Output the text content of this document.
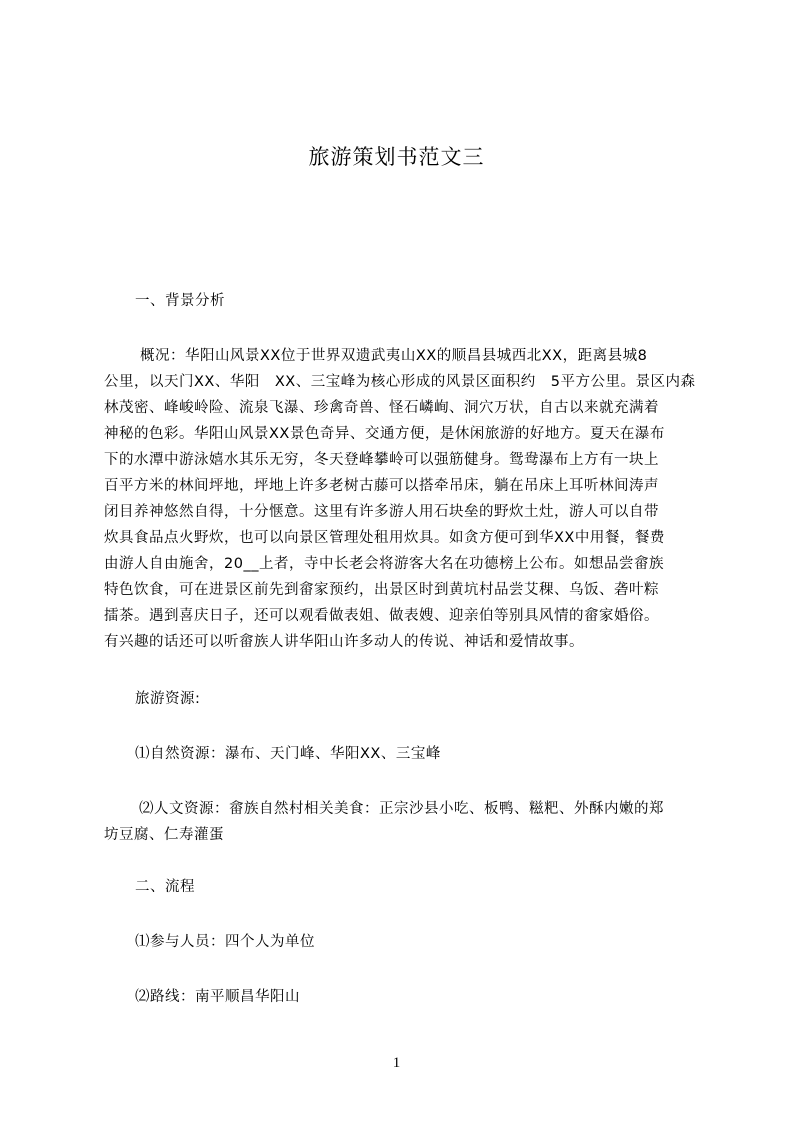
旅游策划书范文三

一、背景分析

概况：华阳山风景XX位于世界双遗武夷山XX的顺昌县城西北XX，距离县城8

公里，以天门XX、华阳　XX、三宝峰为核心形成的风景区面积约　5平方公里。景区内森

林茂密、峰峻岭险、流泉飞瀑、珍禽奇兽、怪石嶙峋、洞穴万状，自古以来就充满着

神秘的色彩。华阳山风景XX景色奇异、交通方便，是休闲旅游的好地方。夏天在瀑布

下的水潭中游泳嬉水其乐无穷，冬天登峰攀岭可以强筋健身。鸳鸯瀑布上方有一块上

百平方米的林间坪地，坪地上许多老树古藤可以搭牵吊床，躺在吊床上耳听林间涛声

闭目养神悠然自得，十分惬意。这里有许多游人用石块垒的野炊土灶，游人可以自带

炊具食品点火野炊，也可以向景区管理处租用炊具。如贪方便可到华XX中用餐，餐费

由游人自由施舍，20__上者，寺中长老会将游客大名在功德榜上公布。如想品尝畲族

特色饮食，可在进景区前先到畲家预约，出景区时到黄坑村品尝艾稞、乌饭、砻叶粽

擂茶。遇到喜庆日子，还可以观看做表姐、做表嫂、迎亲伯等别具风情的畲家婚俗。

有兴趣的话还可以听畲族人讲华阳山许多动人的传说、神话和爱情故事。

旅游资源:

⑴自然资源：瀑布、天门峰、华阳XX、三宝峰

⑵人文资源：畲族自然村相关美食：正宗沙县小吃、板鸭、糍粑、外酥内嫩的郑

坊豆腐、仁寿灌蛋

二、流程

⑴参与人员：四个人为单位

⑵路线：南平顺昌华阳山

1
